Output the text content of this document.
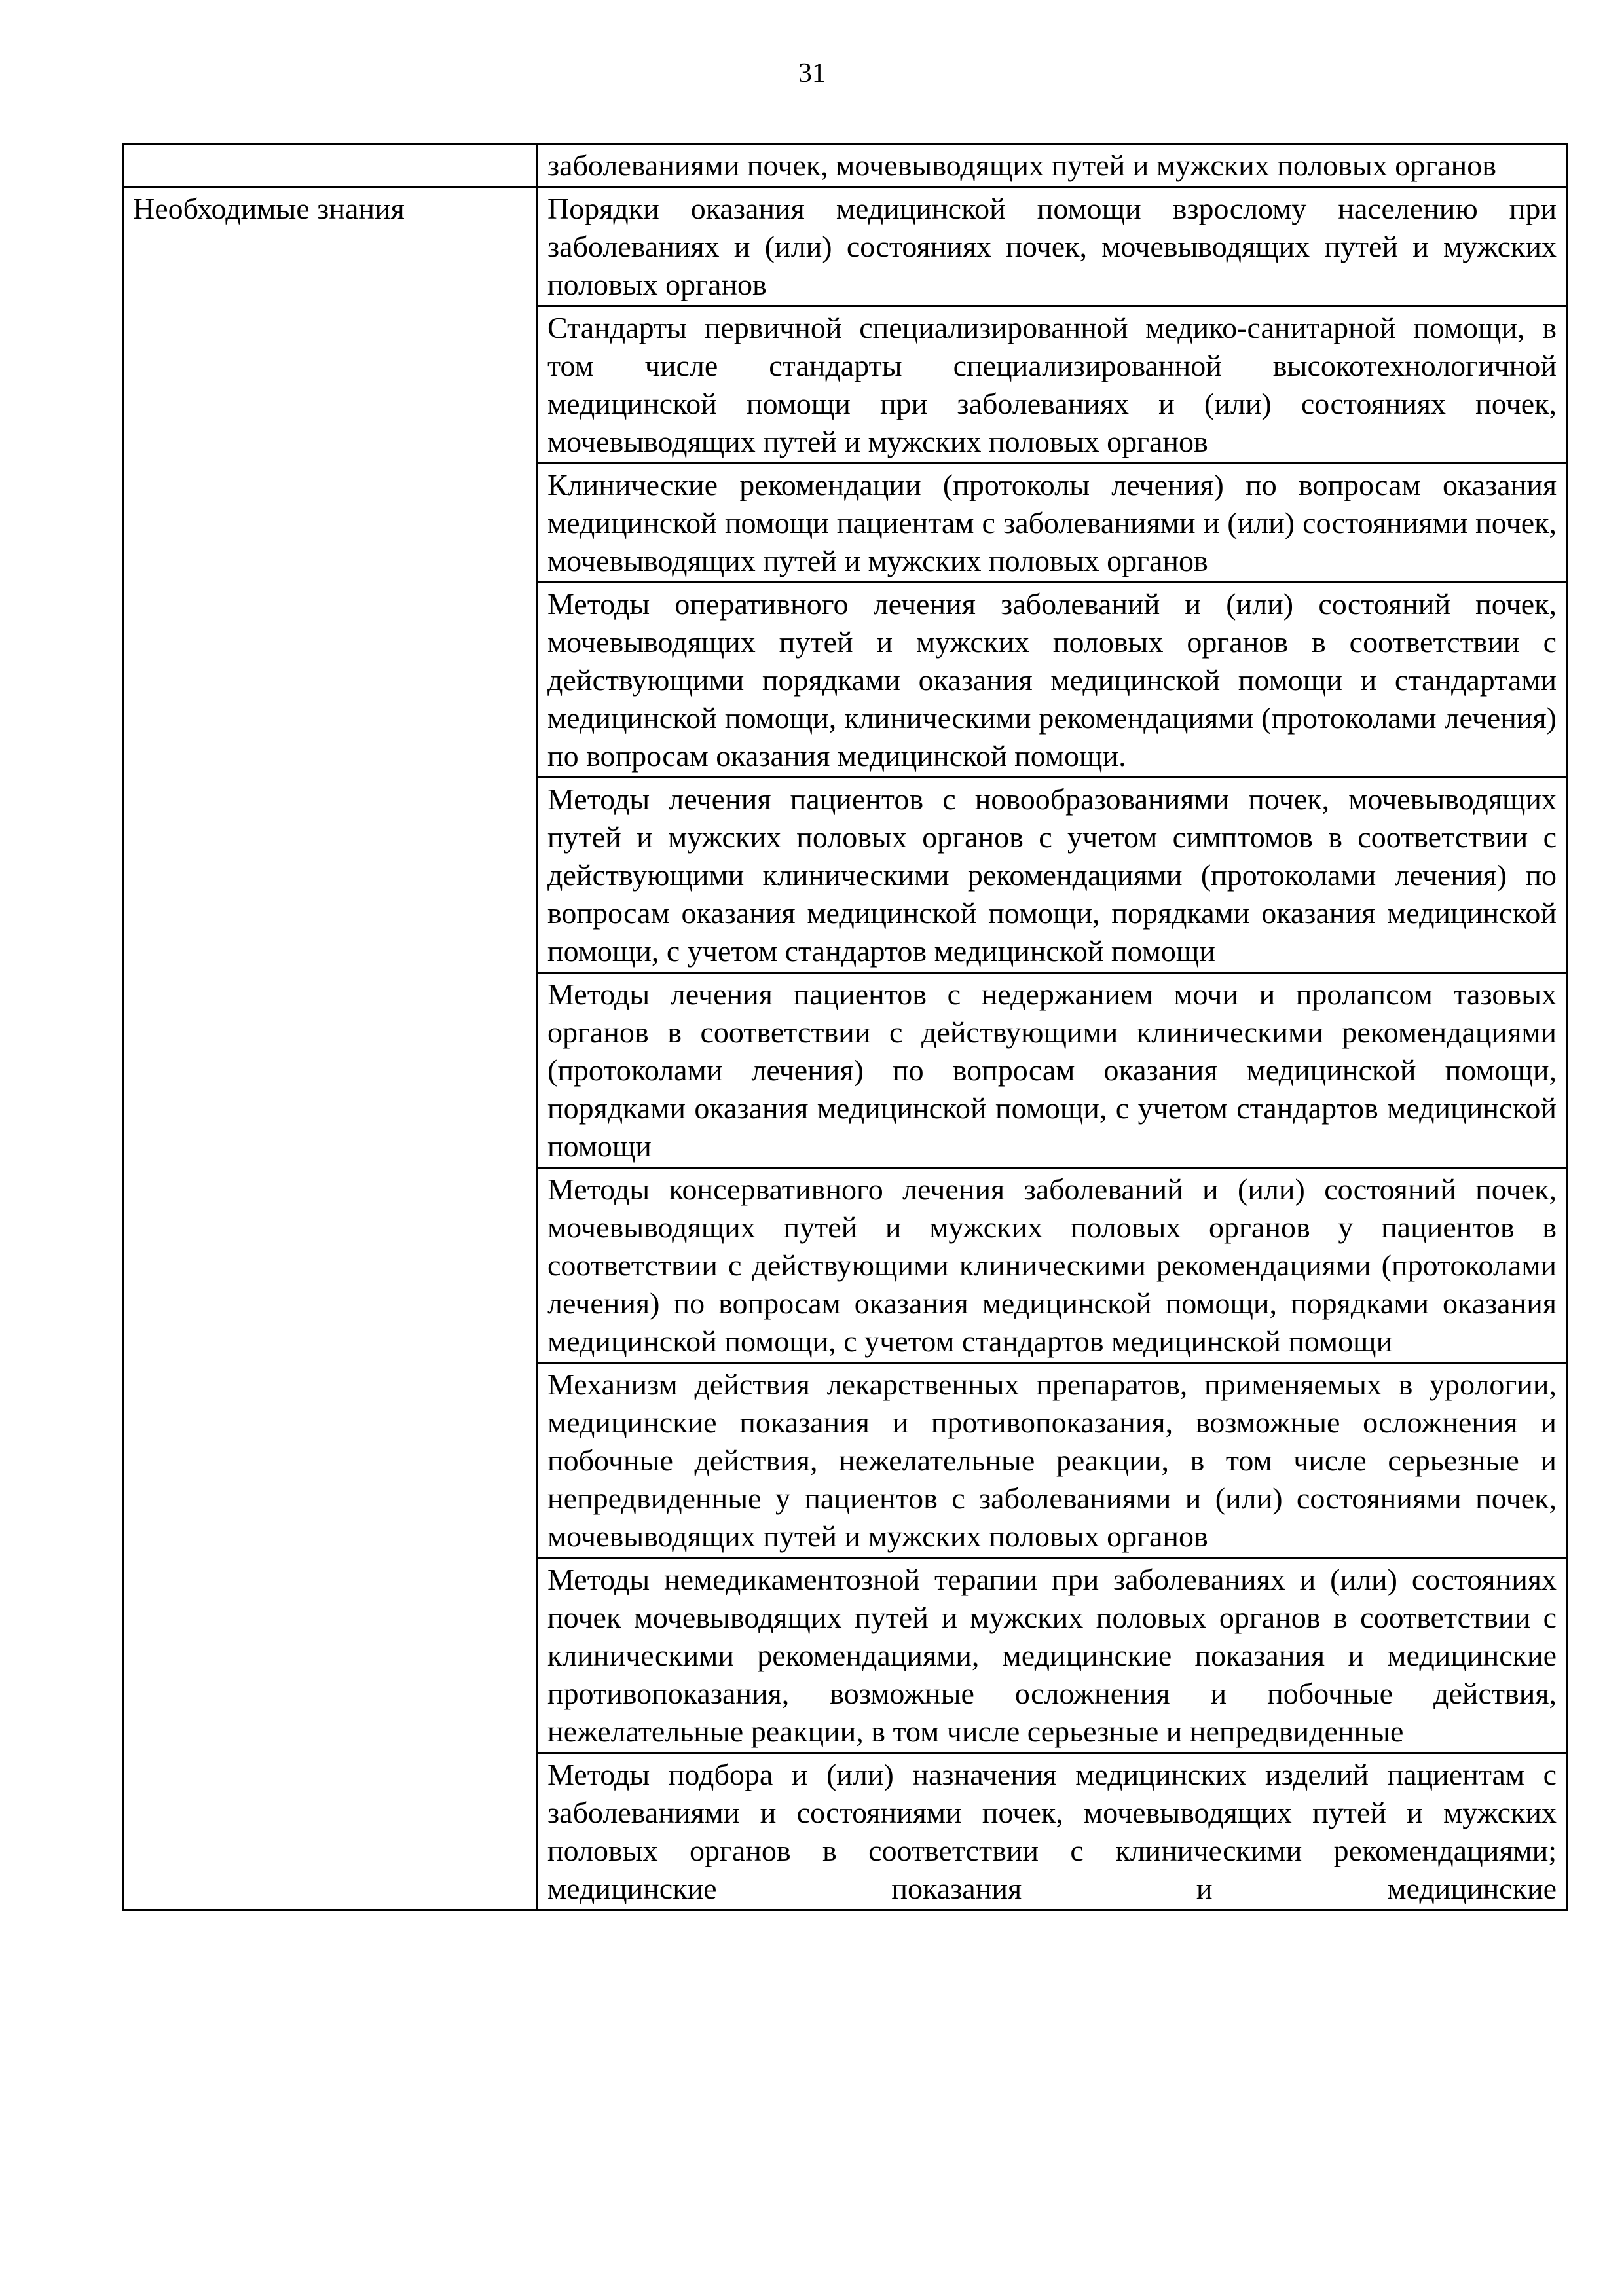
31
	заболеваниями почек, мочевыводящих путей и мужских половых органов
Необходимые знания	Порядки оказания медицинской помощи взрослому населению при заболеваниях и (или) состояниях почек, мочевыводящих путей и мужских половых органов
	Стандарты первичной специализированной медико-санитарной помощи, в том числе стандарты специализированной высокотехнологичной медицинской помощи при заболеваниях и (или) состояниях почек, мочевыводящих путей и мужских половых органов
	Клинические рекомендации (протоколы лечения) по вопросам оказания медицинской помощи пациентам с заболеваниями и (или) состояниями почек, мочевыводящих путей и мужских половых органов
	Методы оперативного лечения заболеваний и (или) состояний почек, мочевыводящих путей и мужских половых органов в соответствии с действующими порядками оказания медицинской помощи и стандартами медицинской помощи, клиническими рекомендациями (протоколами лечения) по вопросам оказания медицинской помощи.
	Методы лечения пациентов с новообразованиями почек, мочевыводящих путей и мужских половых органов с учетом симптомов в соответствии с действующими клиническими рекомендациями (протоколами лечения) по вопросам оказания медицинской помощи, порядками оказания медицинской помощи, с учетом стандартов медицинской помощи
	Методы лечения пациентов с недержанием мочи и пролапсом тазовых органов в соответствии с действующими клиническими рекомендациями (протоколами лечения) по вопросам оказания медицинской помощи, порядками оказания медицинской помощи, с учетом стандартов медицинской помощи
	Методы консервативного лечения заболеваний и (или) состояний почек, мочевыводящих путей и мужских половых органов у пациентов в соответствии с действующими клиническими рекомендациями (протоколами лечения) по вопросам оказания медицинской помощи, порядками оказания медицинской помощи, с учетом стандартов медицинской помощи
	Механизм действия лекарственных препаратов, применяемых в урологии, медицинские показания и противопоказания, возможные осложнения и побочные действия, нежелательные реакции, в том числе серьезные и непредвиденные у пациентов с заболеваниями и (или) состояниями почек, мочевыводящих путей и мужских половых органов
	Методы немедикаментозной терапии при заболеваниях и (или) состояниях почек мочевыводящих путей и мужских половых органов в соответствии с клиническими рекомендациями, медицинские показания и медицинские противопоказания, возможные осложнения и побочные действия, нежелательные реакции, в том числе серьезные и непредвиденные
	Методы подбора и (или) назначения медицинских изделий пациентам с заболеваниями и состояниями почек, мочевыводящих путей и мужских половых органов в соответствии с клиническими рекомендациями; медицинские показания и медицинские
